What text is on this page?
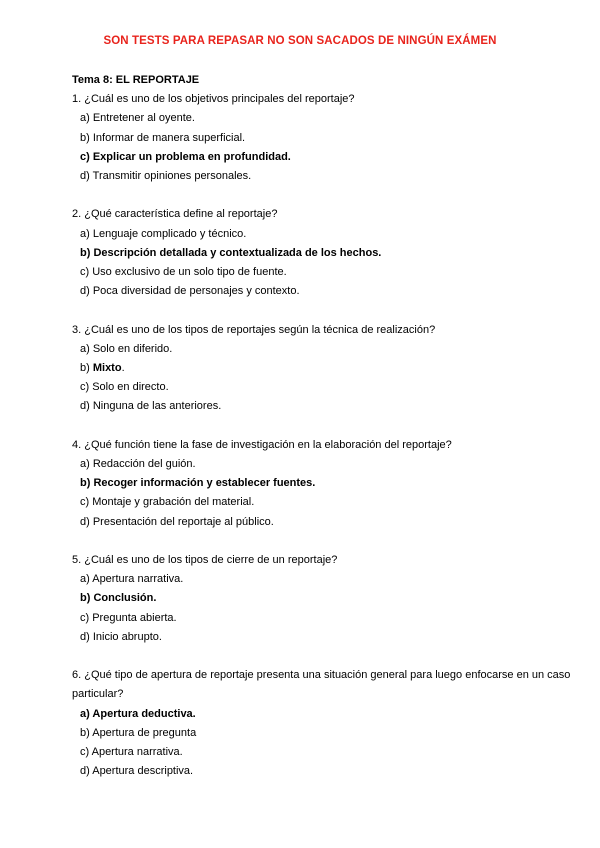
SON TESTS PARA REPASAR NO SON SACADOS DE NINGÚN EXÁMEN

Tema 8: EL REPORTAJE

1. ¿Cuál es uno de los objetivos principales del reportaje?

a) Entretener al oyente.

b) Informar de manera superficial.

c) Explicar un problema en profundidad.

d) Transmitir opiniones personales.

2. ¿Qué característica define al reportaje?

a) Lenguaje complicado y técnico.

b) Descripción detallada y contextualizada de los hechos.

c) Uso exclusivo de un solo tipo de fuente.

d) Poca diversidad de personajes y contexto.

3. ¿Cuál es uno de los tipos de reportajes según la técnica de realización?

a) Solo en diferido.

b) Mixto.

c) Solo en directo.

d) Ninguna de las anteriores.

4. ¿Qué función tiene la fase de investigación en la elaboración del reportaje?

a) Redacción del guión.

b) Recoger información y establecer fuentes.

c) Montaje y grabación del material.

d) Presentación del reportaje al público.

5. ¿Cuál es uno de los tipos de cierre de un reportaje?

a) Apertura narrativa.

b) Conclusión.

c) Pregunta abierta.

d) Inicio abrupto.

6. ¿Qué tipo de apertura de reportaje presenta una situación general para luego enfocarse en un caso particular?

a) Apertura deductiva.

b) Apertura de pregunta

c) Apertura narrativa.

d) Apertura descriptiva.
